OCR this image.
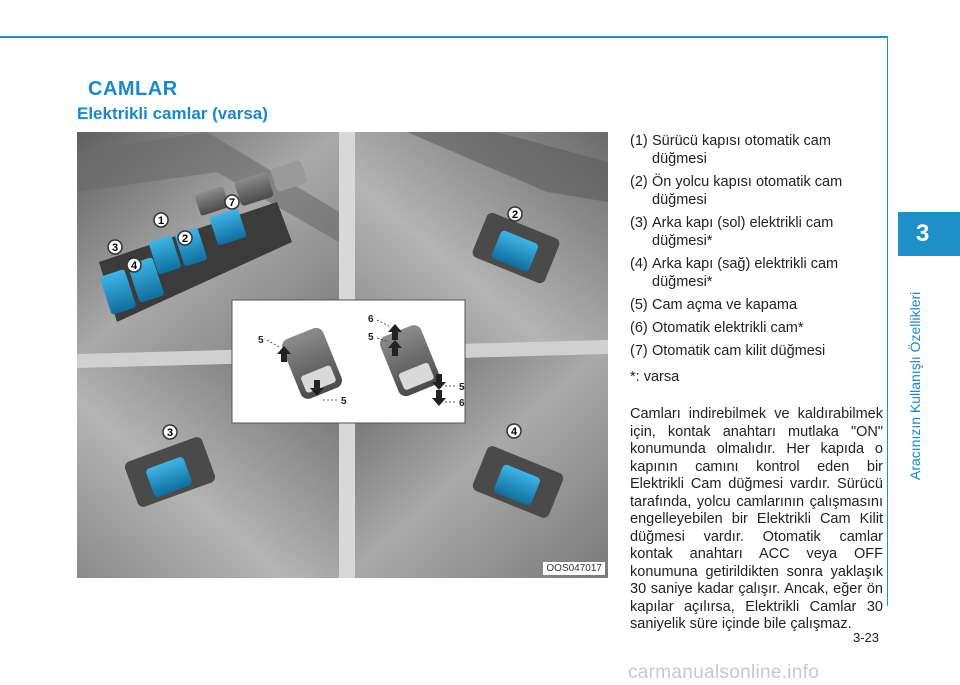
CAMLAR
Elektrikli camlar (varsa)
1
2
3
4
7
2
3	4
5
5
6
5
5
6
OOS047017
(1) Sürücü kapısı otomatik cam düğmesi
(2) Ön yolcu kapısı otomatik cam düğmesi
(3) Arka kapı (sol) elektrikli cam düğmesi*
(4) Arka kapı (sağ) elektrikli cam düğmesi*
(5) Cam açma ve kapama
(6) Otomatik elektrikli cam*
(7) Otomatik cam kilit düğmesi

*: varsa

Camları indirebilmek ve kaldırabilmek için, kontak anahtarı mutlaka "ON" konumunda olmalıdır. Her kapıda o kapının camını kontrol eden bir Elektrikli Cam düğmesi vardır. Sürücü tarafında, yolcu camlarının çalışmasını engelleyebilen bir Elektrikli Cam Kilit düğmesi vardır. Otomatik camlar kontak anahtarı ACC veya OFF konumuna getirildikten sonra yaklaşık 30 saniye kadar çalışır. Ancak, eğer ön kapılar açılırsa, Elektrikli Camlar 30 saniyelik süre içinde bile çalışmaz.

3
Aracınızın Kullanışlı Özellikleri
3-23
carmanualsonline.info
